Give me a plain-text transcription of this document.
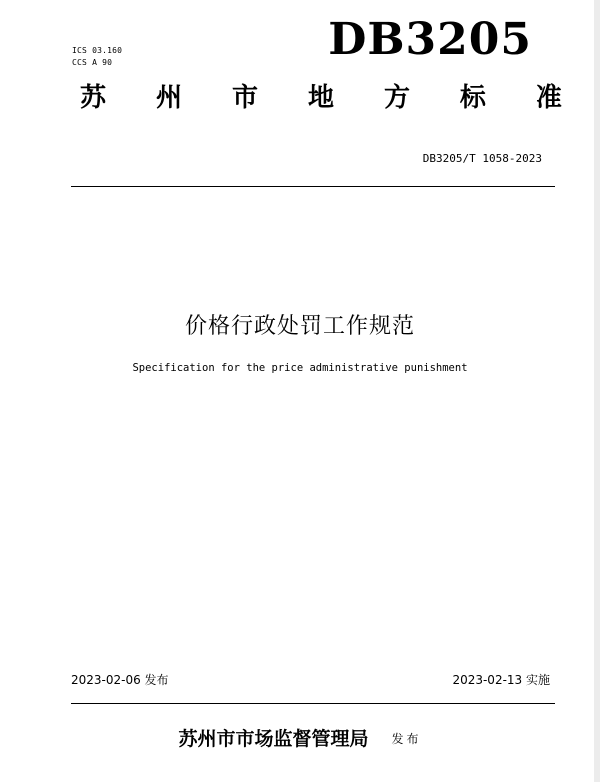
ICS 03.160
CCS A 90	DB3205
苏 州 市 地 方 标 准
DB3205/T 1058-2023
价格行政处罚工作规范
Specification for the price administrative punishment
2023-02-06 发布	2023-02-13 实施
苏州市市场监督管理局 发布
